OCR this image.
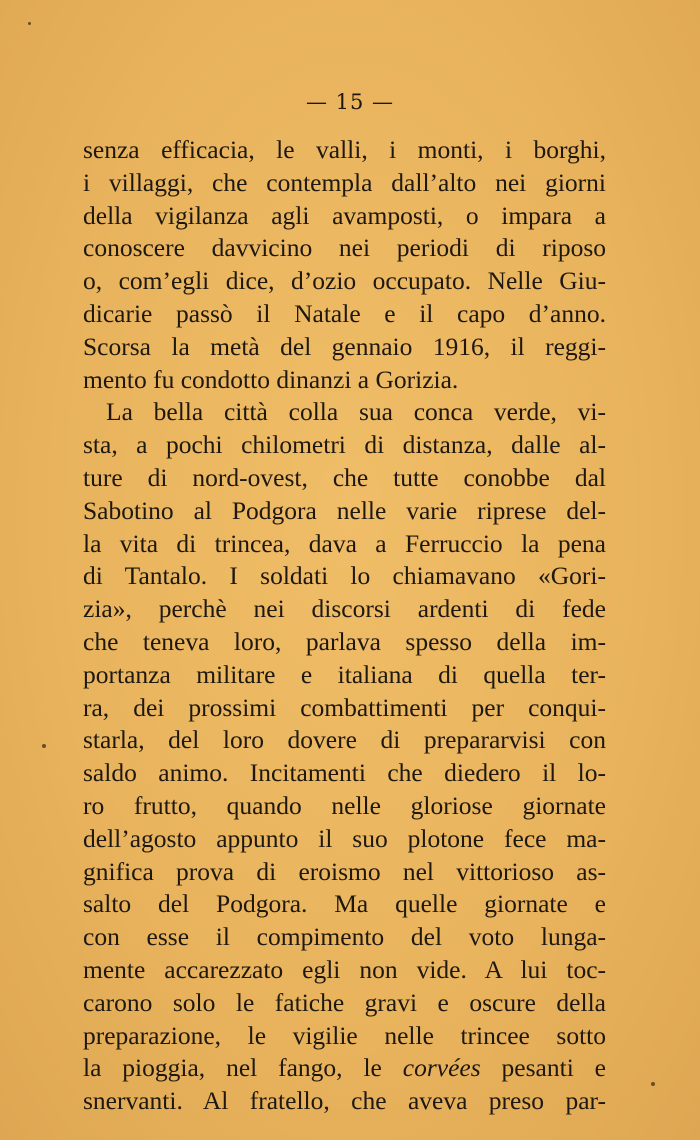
— 15 —

senza efficacia, le valli, i monti, i borghi,
i villaggi, che contempla dall’alto nei giorni
della vigilanza agli avamposti, o impara a
conoscere davvicino nei periodi di riposo
o, com’egli dice, d’ozio occupato. Nelle Giu-
dicarie passò il Natale e il capo d’anno.
Scorsa la metà del gennaio 1916, il reggi-
mento fu condotto dinanzi a Gorizia.

La bella città colla sua conca verde, vi-
sta, a pochi chilometri di distanza, dalle al-
ture di nord-ovest, che tutte conobbe dal
Sabotino al Podgora nelle varie riprese del-
la vita di trincea, dava a Ferruccio la pena
di Tantalo. I soldati lo chiamavano «Gori-
zia», perchè nei discorsi ardenti di fede
che teneva loro, parlava spesso della im-
portanza militare e italiana di quella ter-
ra, dei prossimi combattimenti per conqui-
starla, del loro dovere di prepararvisi con
saldo animo. Incitamenti che diedero il lo-
ro frutto, quando nelle gloriose giornate
dell’agosto appunto il suo plotone fece ma-
gnifica prova di eroismo nel vittorioso as-
salto del Podgora. Ma quelle giornate e
con esse il compimento del voto lunga-
mente accarezzato egli non vide. A lui toc-
carono solo le fatiche gravi e oscure della
preparazione, le vigilie nelle trincee sotto
la pioggia, nel fango, le corvées pesanti e
snervanti. Al fratello, che aveva preso par-
